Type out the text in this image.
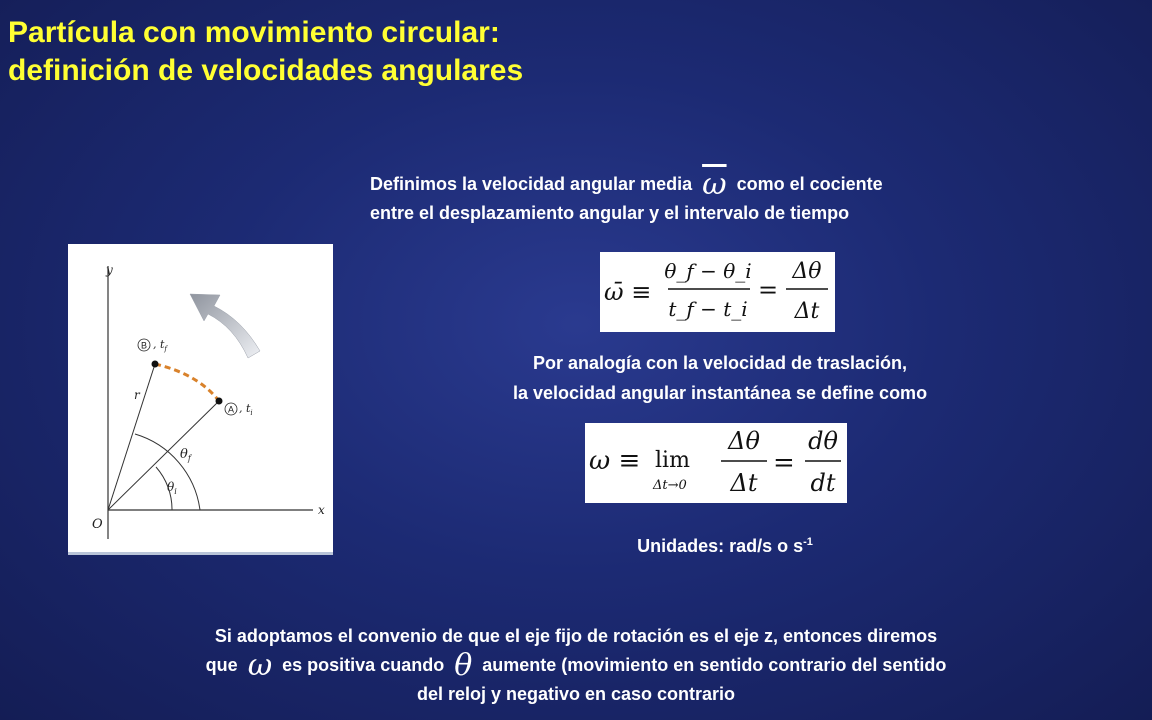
Partícula con movimiento circular:
definición de velocidades angulares
Definimos la velocidad angular media $\overline{\omega}$ como el cociente
entre el desplazamiento angular y el intervalo de tiempo
ω̄ ≡
θ_f − θ_i
t_f − t_i
=
Δθ
Δt
Por analogía con la velocidad de traslación,
la velocidad angular instantánea se define como
ω ≡ lim
Δt→0
Δθ
Δt
=
dθ
dt
Unidades: rad/s o $s^{-1}$
y
x
O
r
$\theta_f$
$\theta_i$
B , $t_f$
A , $t_i$
Si adoptamos el convenio de que el eje fijo de rotación es el eje z, entonces diremos
que ω es positiva cuando θ aumente (movimiento en sentido contrario del sentido
del reloj y negativo en caso contrario
